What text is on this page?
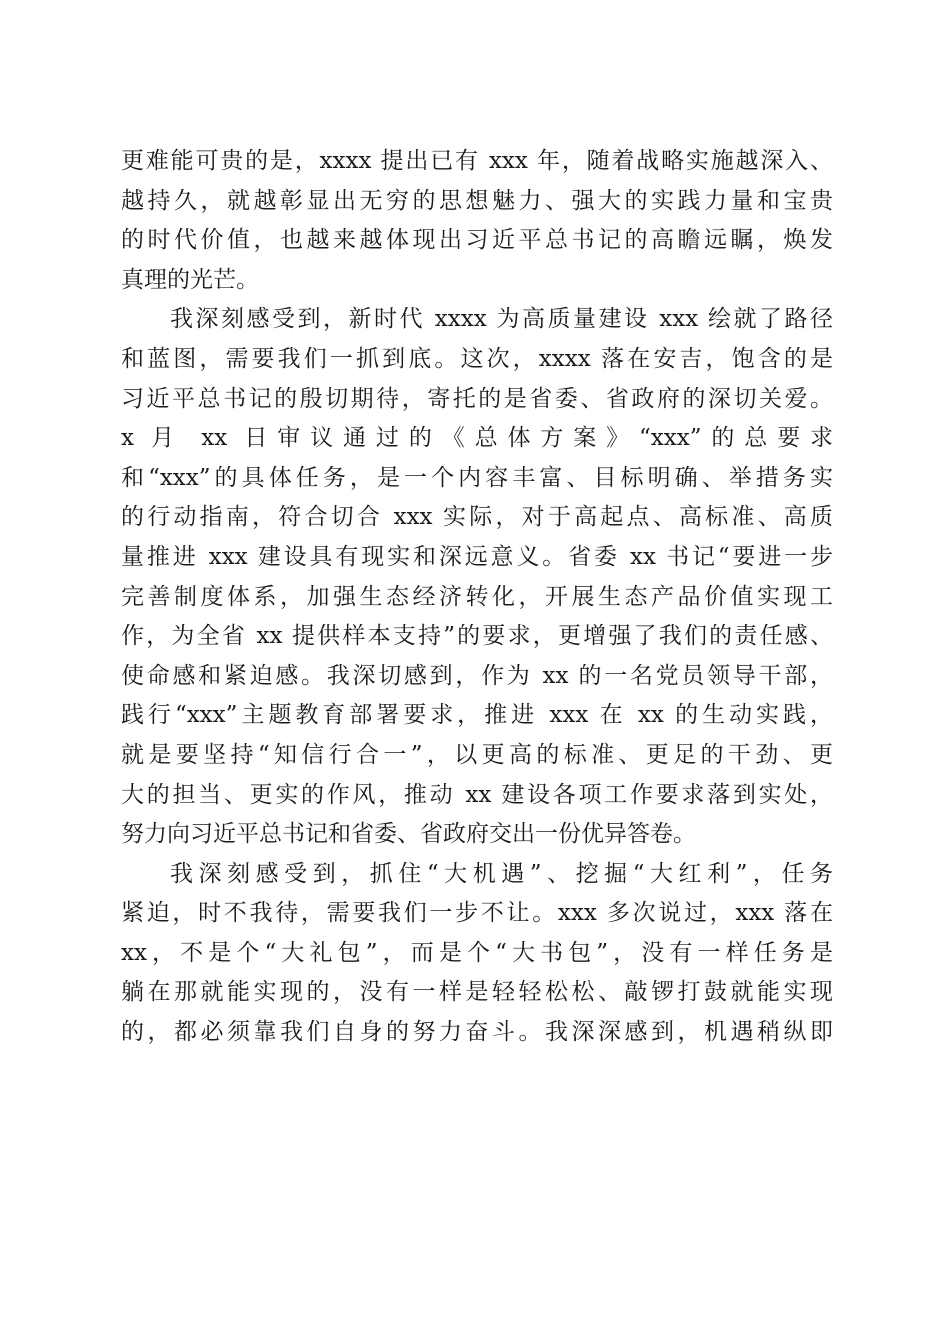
更难能可贵的是，xxxx 提出已有 xxx 年，随着战略实施越深入、
越持久，就越彰显出无穷的思想魅力、强大的实践力量和宝贵
的时代价值，也越来越体现出习近平总书记的高瞻远瞩，焕发
真理的光芒。
我深刻感受到，新时代 xxxx 为高质量建设 xxx 绘就了路径
和蓝图，需要我们一抓到底。这次，xxxx 落在安吉，饱含的是
习近平总书记的殷切期待，寄托的是省委、省政府的深切关爱。
x 月 xx 日审议通过的《总体方案》“xxx”的总要求
和“xxx”的具体任务，是一个内容丰富、目标明确、举措务实
的行动指南，符合切合 xxx 实际，对于高起点、高标准、高质
量推进 xxx 建设具有现实和深远意义。省委 xx 书记“要进一步
完善制度体系，加强生态经济转化，开展生态产品价值实现工
作，为全省 xx 提供样本支持”的要求，更增强了我们的责任感、
使命感和紧迫感。我深切感到，作为 xx 的一名党员领导干部，
践行“xxx”主题教育部署要求，推进 xxx 在 xx 的生动实践，
就是要坚持“知信行合一”，以更高的标准、更足的干劲、更
大的担当、更实的作风，推动 xx 建设各项工作要求落到实处，
努力向习近平总书记和省委、省政府交出一份优异答卷。
我深刻感受到，抓住“大机遇”、挖掘“大红利”，任务
紧迫，时不我待，需要我们一步不让。xxx 多次说过，xxx 落在
xx，不是个“大礼包”，而是个“大书包”，没有一样任务是
躺在那就能实现的，没有一样是轻轻松松、敲锣打鼓就能实现
的，都必须靠我们自身的努力奋斗。我深深感到，机遇稍纵即
